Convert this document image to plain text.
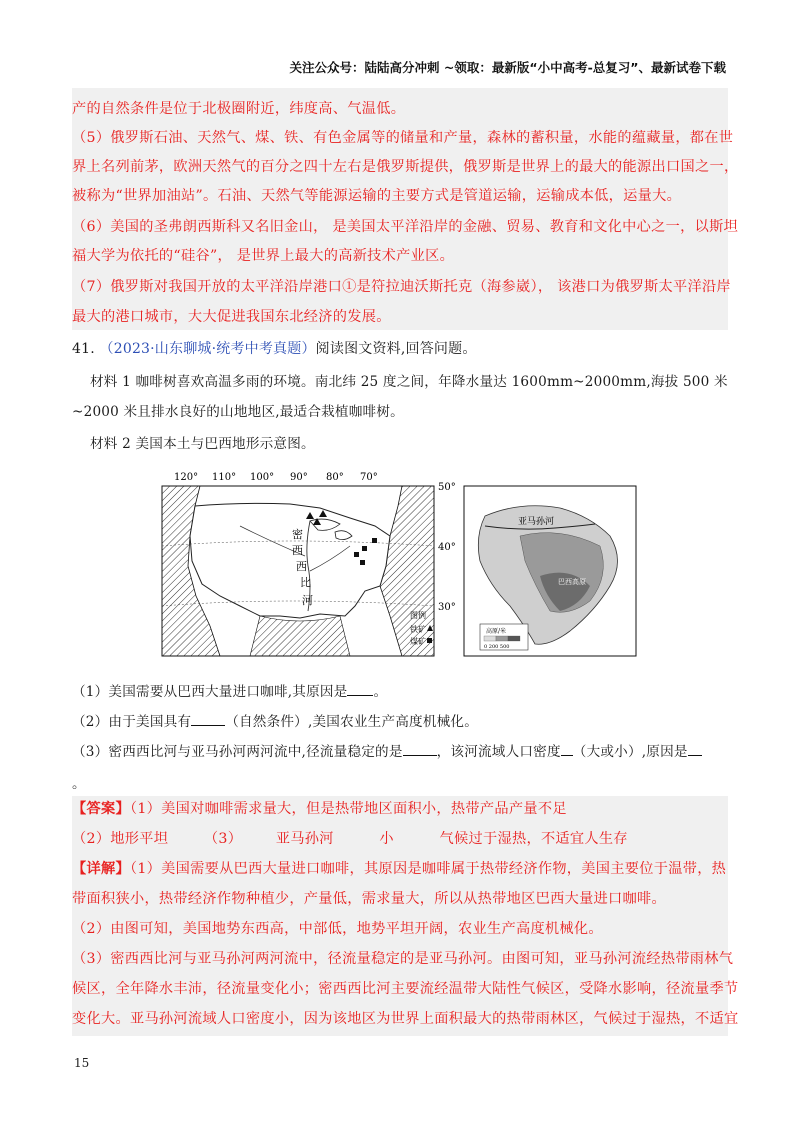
关注公众号：陆陆高分冲刺 ~领取：最新版“小中高考-总复习”、最新试卷下载
产的自然条件是位于北极圈附近，纬度高、气温低。
（5）俄罗斯石油、天然气、煤、铁、有色金属等的储量和产量，森林的蓄积量，水能的蕴藏量，都在世
界上名列前茅，欧洲天然气的百分之四十左右是俄罗斯提供，俄罗斯是世界上的最大的能源出口国之一，
被称为“世界加油站”。石油、天然气等能源运输的主要方式是管道运输，运输成本低，运量大。
（6）美国的圣弗朗西斯科又名旧金山， 是美国太平洋沿岸的金融、贸易、教育和文化中心之一，以斯坦
福大学为依托的“硅谷”， 是世界上最大的高新技术产业区。
（7）俄罗斯对我国开放的太平洋沿岸港口①是符拉迪沃斯托克（海参崴）， 该港口为俄罗斯太平洋沿岸
最大的港口城市，大大促进我国东北经济的发展。
41. （2023·山东聊城·统考中考真题）阅读图文资料,回答问题。
材料 1 咖啡树喜欢高温多雨的环境。南北纬 25 度之间，年降水量达 1600mm~2000mm,海拔 500 米
~2000 米且排水良好的山地地区,最适合栽植咖啡树。
材料 2 美国本土与巴西地形示意图。
120° 110° 100° 90° 80° 70°
50°
40°
30°
密
西
西
比
河
图例
铁矿
煤矿
亚马孙河
巴西高原
高原/米
0 200 500
（1）美国需要从巴西大量进口咖啡,其原因是 。
（2）由于美国具有	（自然条件）,美国农业生产高度机械化。
（3）密西西比河与亚马孙河两河流中,径流量稳定的是	，该河流域人口密度 （大或小）,原因是
。
【答案】（1）美国对咖啡需求量大，但是热带地区面积小，热带产品产量不足
（2）地形平坦	（3） 亚马孙河	小	气候过于湿热，不适宜人生存
【详解】（1）美国需要从巴西大量进口咖啡，其原因是咖啡属于热带经济作物，美国主要位于温带，热
带面积狭小，热带经济作物种植少，产量低，需求量大，所以从热带地区巴西大量进口咖啡。
（2）由图可知，美国地势东西高，中部低，地势平坦开阔，农业生产高度机械化。
（3）密西西比河与亚马孙河两河流中，径流量稳定的是亚马孙河。由图可知，亚马孙河流经热带雨林气
候区，全年降水丰沛，径流量变化小；密西西比河主要流经温带大陆性气候区，受降水影响，径流量季节
变化大。亚马孙河流域人口密度小，因为该地区为世界上面积最大的热带雨林区，气候过于湿热，不适宜
15
